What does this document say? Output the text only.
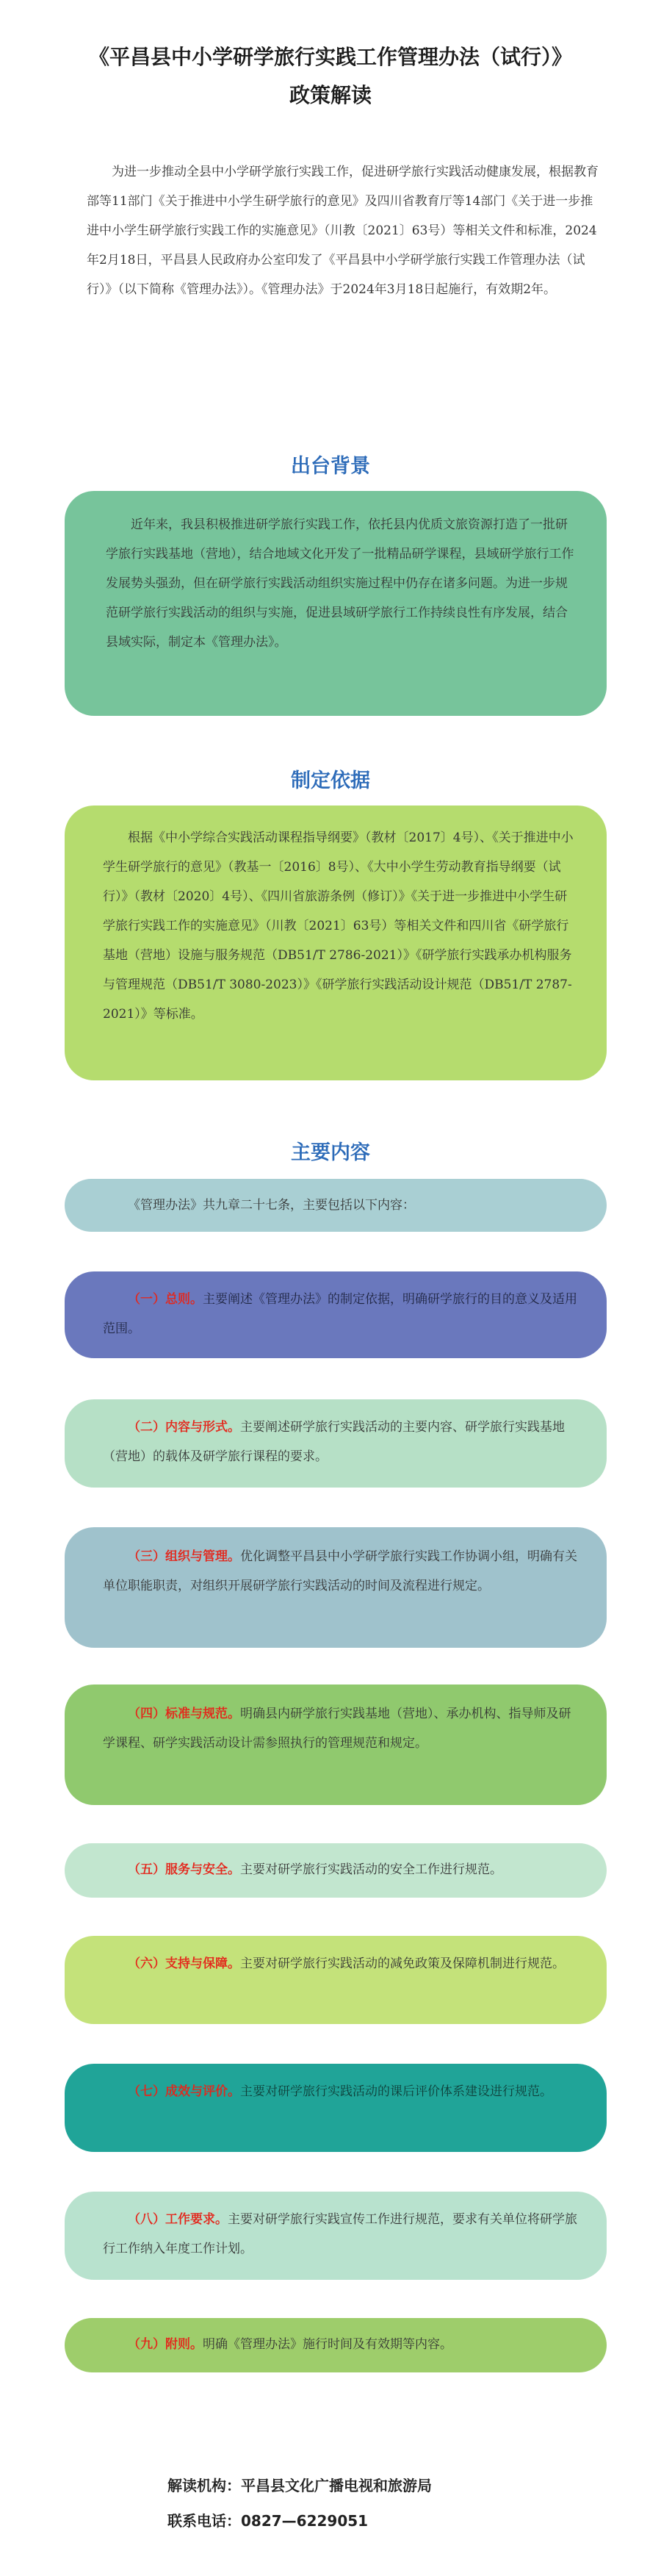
《平昌县中小学研学旅行实践工作管理办法（试行）》
政策解读

为进一步推动全县中小学研学旅行实践工作，促进研学旅行实践活动健康发展，根据教育部等11部门《关于推进中小学生研学旅行的意见》及四川省教育厅等14部门《关于进一步推进中小学生研学旅行实践工作的实施意见》（川教〔2021〕63号）等相关文件和标准，2024年2月18日，平昌县人民政府办公室印发了《平昌县中小学研学旅行实践工作管理办法（试行）》（以下简称《管理办法》）。《管理办法》于2024年3月18日起施行，有效期2年。

出台背景

近年来，我县积极推进研学旅行实践工作，依托县内优质文旅资源打造了一批研学旅行实践基地（营地），结合地域文化开发了一批精品研学课程，县域研学旅行工作发展势头强劲，但在研学旅行实践活动组织实施过程中仍存在诸多问题。为进一步规范研学旅行实践活动的组织与实施，促进县域研学旅行工作持续良性有序发展，结合县域实际，制定本《管理办法》。

制定依据

根据《中小学综合实践活动课程指导纲要》（教材〔2017〕4号）、《关于推进中小学生研学旅行的意见》（教基一〔2016〕8号）、《大中小学生劳动教育指导纲要（试行）》（教材〔2020〕4号）、《四川省旅游条例（修订）》《关于进一步推进中小学生研学旅行实践工作的实施意见》（川教〔2021〕63号）等相关文件和四川省《研学旅行基地（营地）设施与服务规范（DB51/T 2786-2021）》《研学旅行实践承办机构服务与管理规范（DB51/T 3080-2023）》《研学旅行实践活动设计规范（DB51/T 2787-2021）》等标准。

主要内容

《管理办法》共九章二十七条，主要包括以下内容：

（一）总则。主要阐述《管理办法》的制定依据，明确研学旅行的目的意义及适用范围。

（二）内容与形式。主要阐述研学旅行实践活动的主要内容、研学旅行实践基地（营地）的载体及研学旅行课程的要求。

（三）组织与管理。优化调整平昌县中小学研学旅行实践工作协调小组，明确有关单位职能职责，对组织开展研学旅行实践活动的时间及流程进行规定。

（四）标准与规范。明确县内研学旅行实践基地（营地）、承办机构、指导师及研学课程、研学实践活动设计需参照执行的管理规范和规定。

（五）服务与安全。主要对研学旅行实践活动的安全工作进行规范。

（六）支持与保障。主要对研学旅行实践活动的减免政策及保障机制进行规范。

（七）成效与评价。主要对研学旅行实践活动的课后评价体系建设进行规范。

（八）工作要求。主要对研学旅行实践宣传工作进行规范，要求有关单位将研学旅行工作纳入年度工作计划。

（九）附则。明确《管理办法》施行时间及有效期等内容。

解读机构：平昌县文化广播电视和旅游局
联系电话：0827—6229051
